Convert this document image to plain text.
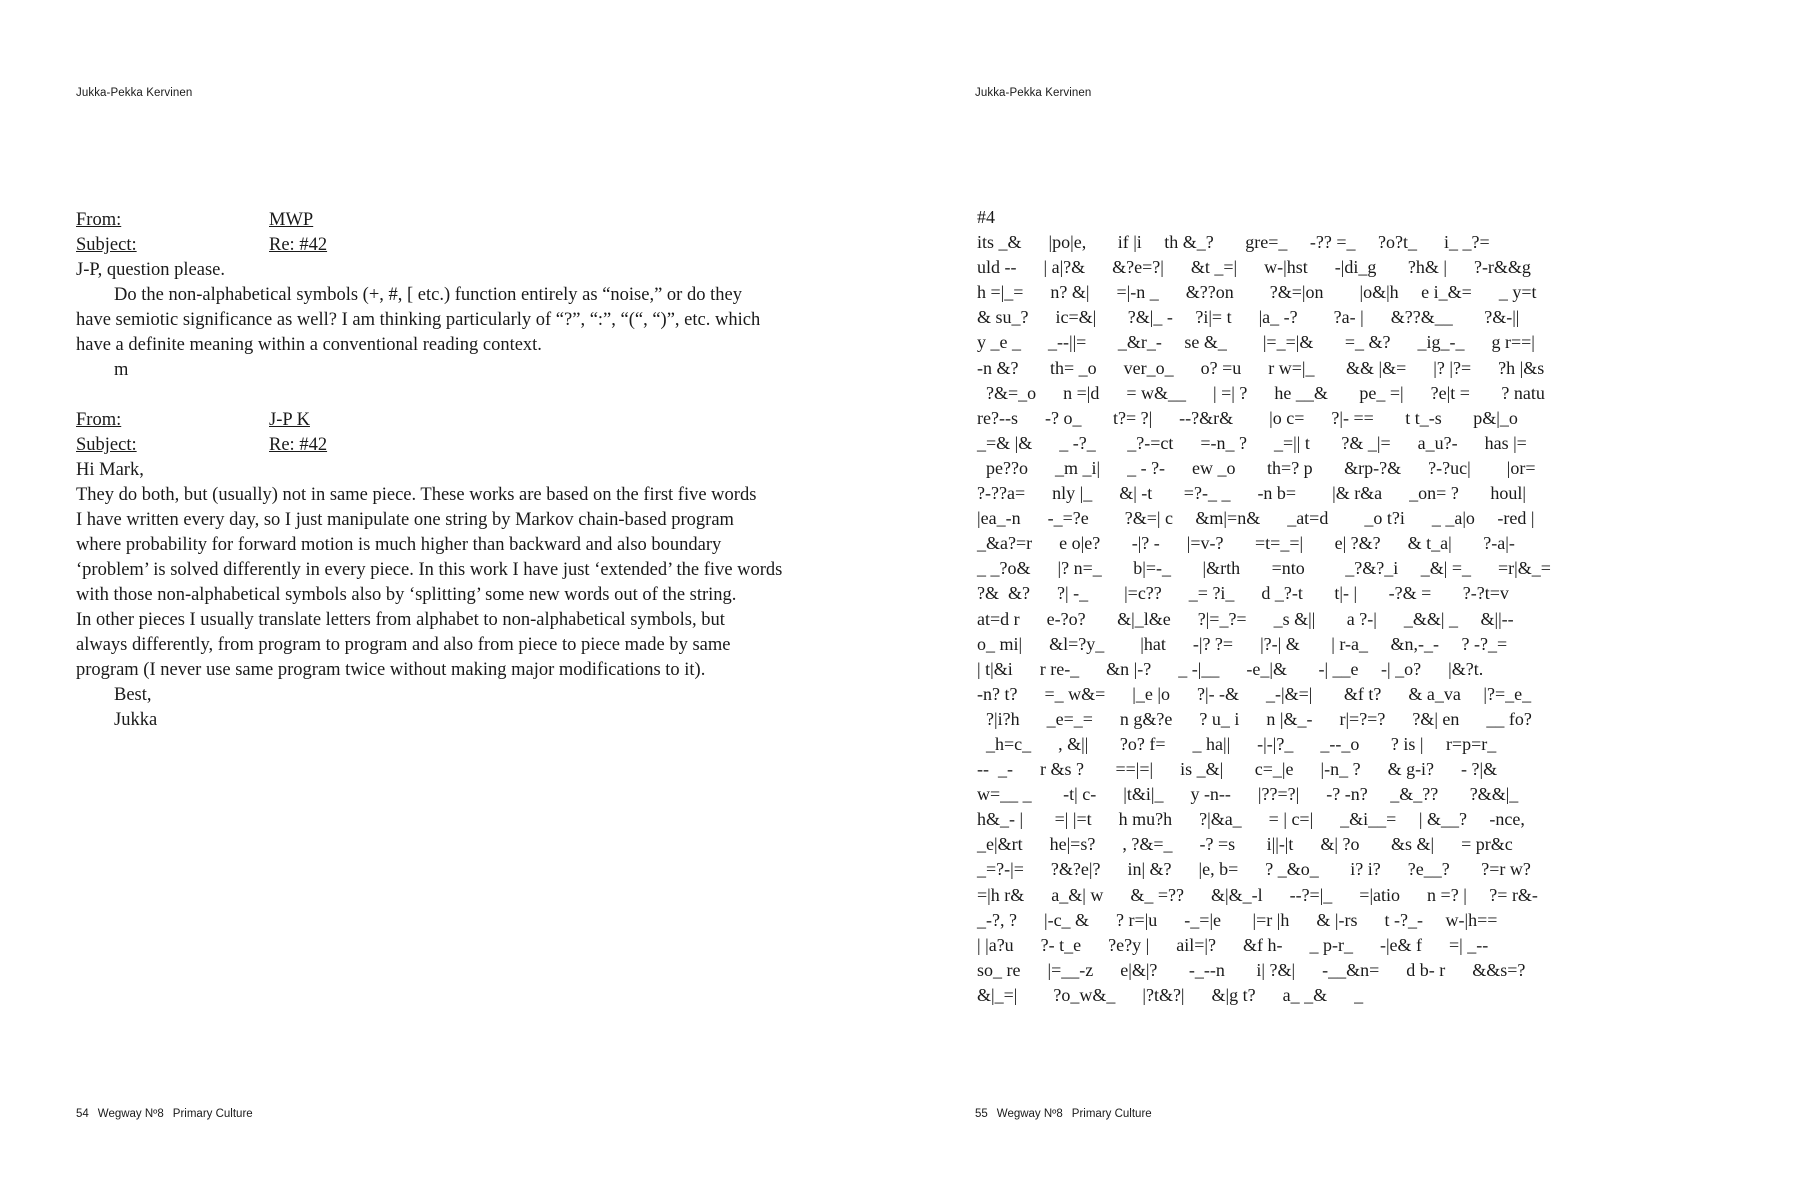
Jukka-Pekka Kervinen
From:	MWP
Subject:	Re: #42
J-P, question please.
Do the non-alphabetical symbols (+, #, [ etc.) function entirely as “noise,” or do they
have semiotic significance as well? I am thinking particularly of “?”, “:”, “(“, “)”, etc. which
have a definite meaning within a conventional reading context.
m
From:	J-P K
Subject:	Re: #42
Hi Mark,
They do both, but (usually) not in same piece. These works are based on the first five words
I have written every day, so I just manipulate one string by Markov chain-based program
where probability for forward motion is much higher than backward and also boundary
‘problem’ is solved differently in every piece. In this work I have just ‘extended’ the five words
with those non-alphabetical symbols also by ‘splitting’ some new words out of the string.
In other pieces I usually translate letters from alphabet to non-alphabetical symbols, but
always differently, from program to program and also from piece to piece made by same
program (I never use same program twice without making major modifications to it).
Best,
Jukka
54 Wegway Nº8 Primary Culture
Jukka-Pekka Kervinen
55 Wegway Nº8 Primary Culture
#4
its _&      |po|e,       if |i     th &_?       gre=_     -?? =_     ?o?t_      i_ _?=
uld --      | a|?&      &?e=?|      &t _=|      w-|hst      -|di_g       ?h& |      ?-r&&g
h =|_=      n? &|      =|-n _      &??on        ?&=|on        |o&|h     e i_&=      _ y=t
& su_?      ic=&|       ?&|_ -     ?i|= t      |a_ -?        ?a- |      &??&__       ?&-||
y _e _      _--||=       _&r_-     se &_        |=_=|&       =_ &?      _ig_-_      g r==|
-n &?       th= _o      ver_o_      o? =u      r w=|_       && |&=      |? |?=      ?h |&s
?&=_o      n =|d      = w&__      | =| ?      he __&       pe_ =|      ?e|t =       ? natu
re?--s      -? o_       t?= ?|      --?&r&        |o c=      ?|- ==       t t_-s       p&|_o
_=& |&      _ -?_       _?-=ct      =-n_ ?      _=|| t       ?& _|=      a_u?-      has |=
pe??o      _m _i|      _ - ?-      ew _o       th=? p       &rp-?&      ?-?uc|        |or=
?-??a=      nly |_      &| -t       =?-_ _      -n b=        |& r&a      _on= ?       houl|
|ea_-n      -_=?e        ?&=| c     &m|=n&      _at=d        _o t?i      _ _a|o     -red |
_&a?=r      e o|e?       -|? -      |=v-?       =t=_=|       e| ?&?      & t_a|       ?-a|-
_ _?o&      |? n=_       b|=-_       |&rth       =nto         _?&?_i     _&| =_      =r|&_=
?&  &?      ?| -_        |=c??      _= ?i_      d _?-t       t|- |       -?& =       ?-?t=v
at=d r      e-?o?       &|_l&e      ?|=_?=      _s &||       a ?-|      _&&| _     &||--
o_ mi|      &l=?y_        |hat      -|? ?=      |?-| &       | r-a_     &n,-_-     ? -?_=
| t|&i      r re-_      &n |-?      _ -|__      -e_|&       -| __e     -| _o?      |&?t.
-n? t?      =_ w&=      |_e |o      ?|- -&      _-|&=|       &f t?      & a_va     |?=_e_
?|i?h      _e=_=      n g&?e      ? u_ i      n |&_-      r|=?=?      ?&| en      __ fo?
_h=c_      , &||       ?o? f=      _ ha||      -|-|?_      _--_o       ? is |     r=p=r_
--  _-      r &s ?       ==|=|      is _&|       c=_|e      |-n_ ?      & g-i?      - ?|&
w=__ _       -t| c-      |t&i|_      y -n--      |??=?|      -? -n?     _&_??       ?&&|_
h&_- |       =| |=t      h mu?h      ?|&a_      = | c=|      _&i__=     | &__?     -nce,
_e|&rt      he|=s?      , ?&=_      -? =s       i||-|t      &| ?o       &s &|      = pr&c
_=?-|=      ?&?e|?      in| &?      |e, b=      ? _&o_       i? i?      ?e__?       ?=r w?
=|h r&      a_&| w      &_ =??      &|&_-l      --?=|_      =|atio      n =? |     ?= r&-
_-?, ?      |-c_ &      ? r=|u      -_=|e       |=r |h      & |-rs      t -?_-     w-|h==
| |a?u      ?- t_e      ?e?y |      ail=|?      &f h-      _ p-r_      -|e& f      =| _--
so_ re      |=__-z      e|&|?       -_--n       i| ?&|      -__&n=      d b- r      &&s=?
&|_=|        ?o_w&_      |?t&?|      &|g t?      a_ _&      _
